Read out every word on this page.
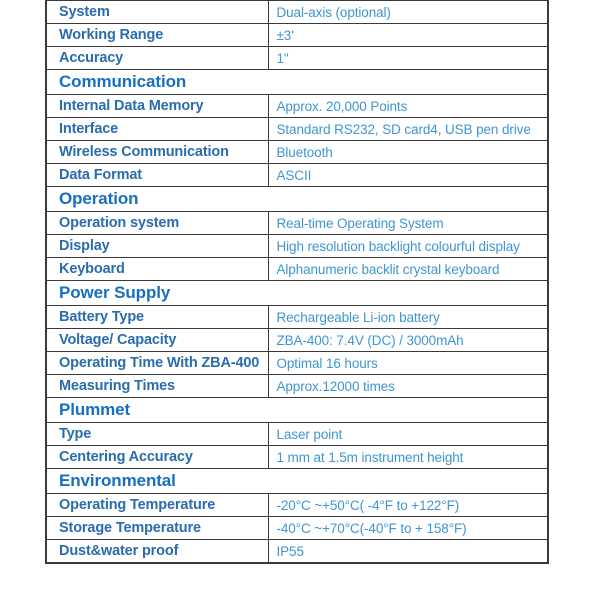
System	Dual-axis (optional)
Working Range	±3'
Accuracy	1"
Communication	
Internal Data Memory	Approx. 20,000 Points
Interface	Standard RS232, SD card4, USB pen drive
Wireless Communication	Bluetooth
Data Format	ASCII
Operation	
Operation system	Real-time Operating System
Display	High resolution backlight colourful display
Keyboard	Alphanumeric backlit crystal keyboard
Power Supply	
Battery Type	Rechargeable Li-ion battery
Voltage/ Capacity	ZBA-400: 7.4V (DC) / 3000mAh
Operating Time With ZBA-400	Optimal 16 hours
Measuring Times	Approx.12000 times
Plummet	
Type	Laser point
Centering Accuracy	1 mm at 1.5m instrument height
Environmental	
Operating Temperature	-20°C ~+50°C( -4°F to +122°F)
Storage Temperature	-40°C ~+70°C(-40°F to + 158°F)
Dust&water proof	IP55
